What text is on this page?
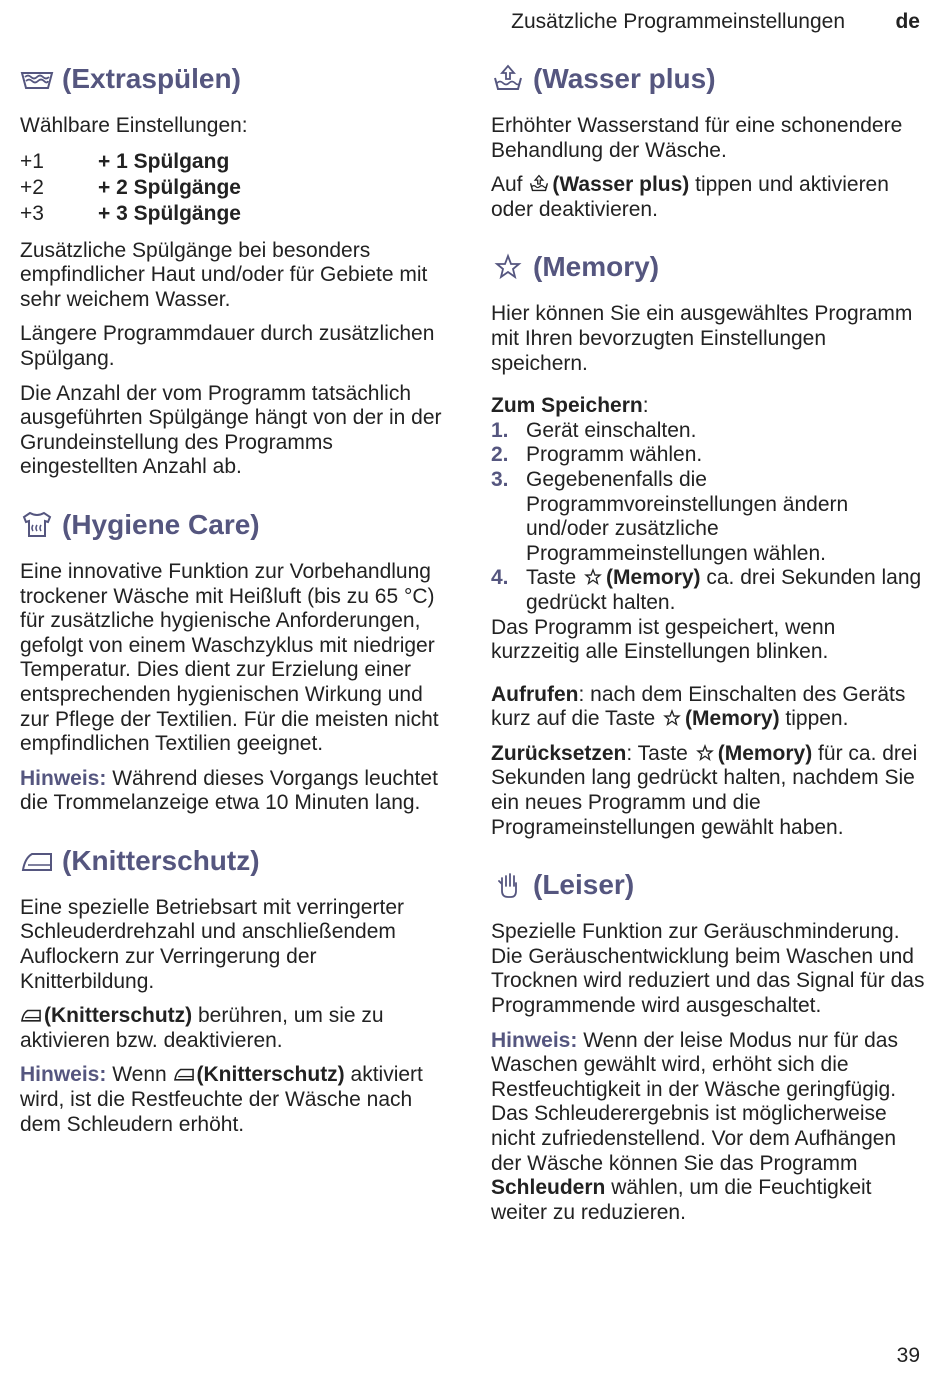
Zusätzliche Programmeinstellungen de
(Extraspülen)

Wählbare Einstellungen:

+1	+ 1 Spülgang
+2	+ 2 Spülgänge
+3	+ 3 Spülgänge

Zusätzliche Spülgänge bei besonders empfindlicher Haut und/oder für Gebiete mit sehr weichem Wasser.

Längere Programmdauer durch zusätzlichen Spülgang.

Die Anzahl der vom Programm tatsächlich ausgeführten Spülgänge hängt von der in der Grundeinstellung des Programms eingestellten Anzahl ab.

(Hygiene Care)

Eine innovative Funktion zur Vorbehandlung trockener Wäsche mit Heißluft (bis zu 65 °C) für zusätzliche hygienische Anforderungen, gefolgt von einem Waschzyklus mit niedriger Temperatur. Dies dient zur Erzielung einer entsprechenden hygienischen Wirkung und zur Pflege der Textilien. Für die meisten nicht empfindlichen Textilien geeignet.

Hinweis: Während dieses Vorgangs leuchtet die Trommelanzeige etwa 10 Minuten lang.

(Knitterschutz)

Eine spezielle Betriebsart mit verringerter Schleuderdrehzahl und anschließendem Auflockern zur Verringerung der Knitterbildung.

(Knitterschutz) berühren, um sie zu aktivieren bzw. deaktivieren.

Hinweis: Wenn (Knitterschutz) aktiviert wird, ist die Restfeuchte der Wäsche nach dem Schleudern erhöht.

(Wasser plus)

Erhöhter Wasserstand für eine schonendere Behandlung der Wäsche.

Auf (Wasser plus) tippen und aktivieren oder deaktivieren.

(Memory)

Hier können Sie ein ausgewähltes Programm mit Ihren bevorzugten Einstellungen speichern.

Zum Speichern:

1. Gerät einschalten.
2. Programm wählen.
3. Gegebenenfalls die Programmvoreinstellungen ändern und/oder zusätzliche Programmeinstellungen wählen.
4. Taste (Memory) ca. drei Sekunden lang gedrückt halten.

Das Programm ist gespeichert, wenn kurzzeitig alle Einstellungen blinken.

Aufrufen: nach dem Einschalten des Geräts kurz auf die Taste (Memory) tippen.

Zurücksetzen: Taste (Memory) für ca. drei Sekunden lang gedrückt halten, nachdem Sie ein neues Programm und die Programeinstellungen gewählt haben.

(Leiser)

Spezielle Funktion zur Geräuschminderung. Die Geräuschentwicklung beim Waschen und Trocknen wird reduziert und das Signal für das Programmende wird ausgeschaltet.

Hinweis: Wenn der leise Modus nur für das Waschen gewählt wird, erhöht sich die Restfeuchtigkeit in der Wäsche geringfügig. Das Schleuderergebnis ist möglicherweise nicht zufriedenstellend. Vor dem Aufhängen der Wäsche können Sie das Programm Schleudern wählen, um die Feuchtigkeit weiter zu reduzieren.

39
